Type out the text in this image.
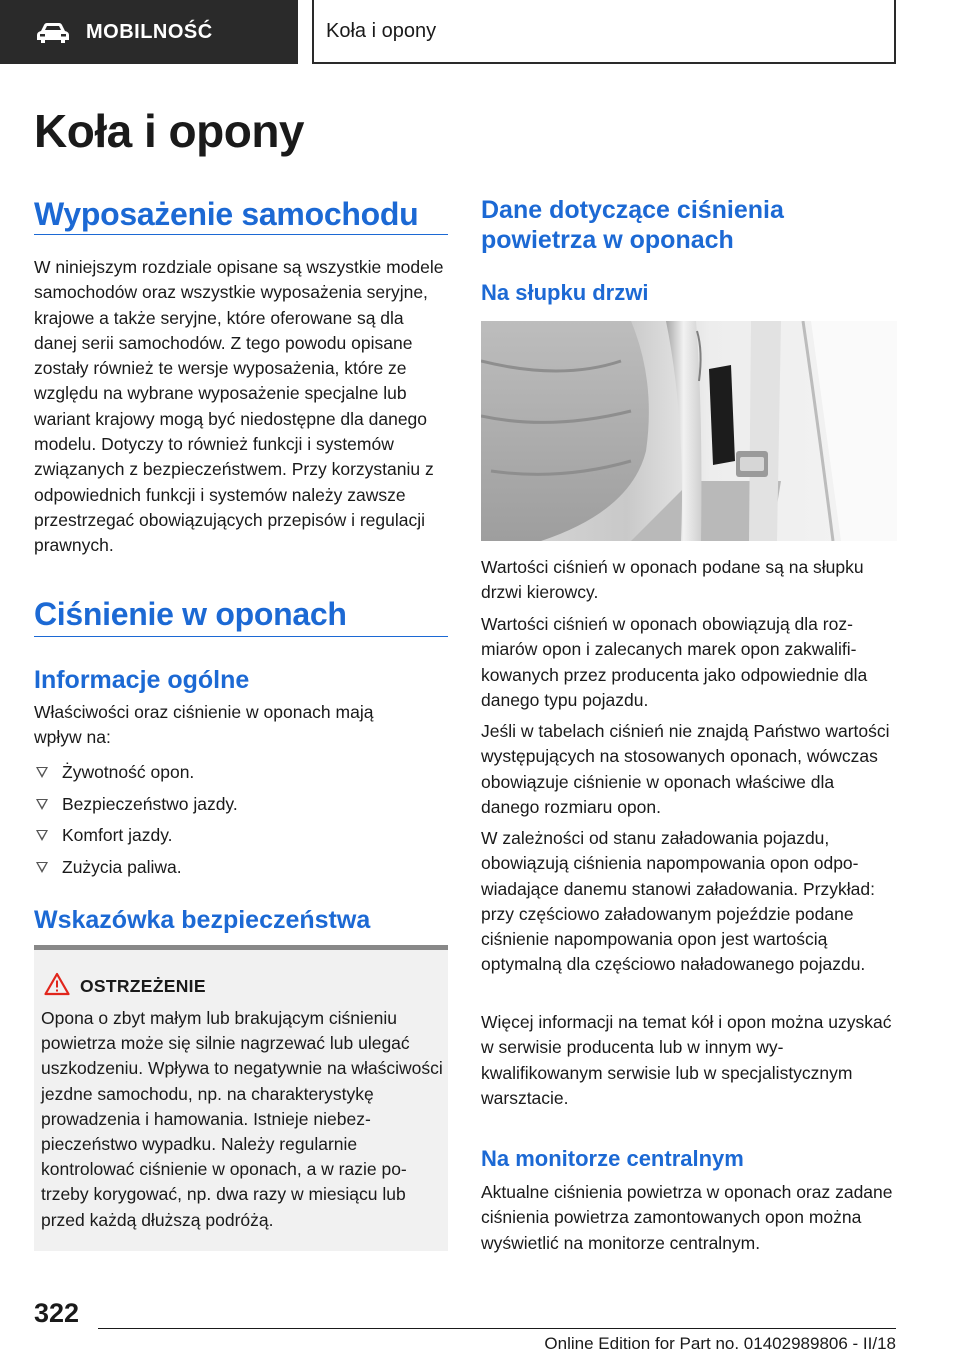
MOBILNOŚĆ	Koła i opony
Koła i opony
Wyposażenie samochodu
W niniejszym rozdziale opisane są wszystkie modele samochodów oraz wszystkie wyposażenia seryjne, krajowe a także seryjne, które oferowane są dla danej serii samochodów. Z tego powodu opisane zostały również te wersje wyposażenia, które ze względu na wybrane wyposażenie specjalne lub wariant krajowy mogą być niedostępne dla danego modelu. Dotyczy to również funkcji i systemów związanych z bezpieczeństwem. Przy korzystaniu z odpowiednich funkcji i systemów należy zawsze przestrzegać obowiązujących przepisów i regulacji prawnych.
Ciśnienie w oponach
Informacje ogólne
Właściwości oraz ciśnienie w oponach mają wpływ na:
Żywotność opon.
Bezpieczeństwo jazdy.
Komfort jazdy.
Zużycia paliwa.
Wskazówka bezpieczeństwa
OSTRZEŻENIE
Opona o zbyt małym lub brakującym ciśnieniu powietrza może się silnie nagrzewać lub ulegać uszkodzeniu. Wpływa to negatywnie na właściwości jezdne samochodu, np. na charakterystykę prowadzenia i hamowania. Istnieje niebezpieczeństwo wypadku. Należy regularnie kontrolować ciśnienie w oponach, a w razie potrzeby korygować, np. dwa razy w miesiącu lub przed każdą dłuższą podróżą.
Dane dotyczące ciśnienia powietrza w oponach
Na słupku drzwi
Wartości ciśnień w oponach podane są na słupku drzwi kierowcy.
Wartości ciśnień w oponach obowiązują dla rozmiarów opon i zalecanych marek opon zakwalifikowanych przez producenta jako odpowiednie dla danego typu pojazdu.
Jeśli w tabelach ciśnień nie znajdą Państwo wartości występujących na stosowanych oponach, wówczas obowiązuje ciśnienie w oponach właściwe dla danego rozmiaru opon.
W zależności od stanu załadowania pojazdu, obowiązują ciśnienia napompowania opon odpowiadające danemu stanowi załadowania. Przykład: przy częściowo załadowanym pojeździe podane ciśnienie napompowania opon jest wartością optymalną dla częściowo naładowanego pojazdu.
Więcej informacji na temat kół i opon można uzyskać w serwisie producenta lub w innym wykwalifikowanym serwisie lub w specjalistycznym warsztacie.
Na monitorze centralnym
Aktualne ciśnienia powietrza w oponach oraz zadane ciśnienia powietrza zamontowanych opon można wyświetlić na monitorze centralnym.
322
Online Edition for Part no. 01402989806 - II/18
